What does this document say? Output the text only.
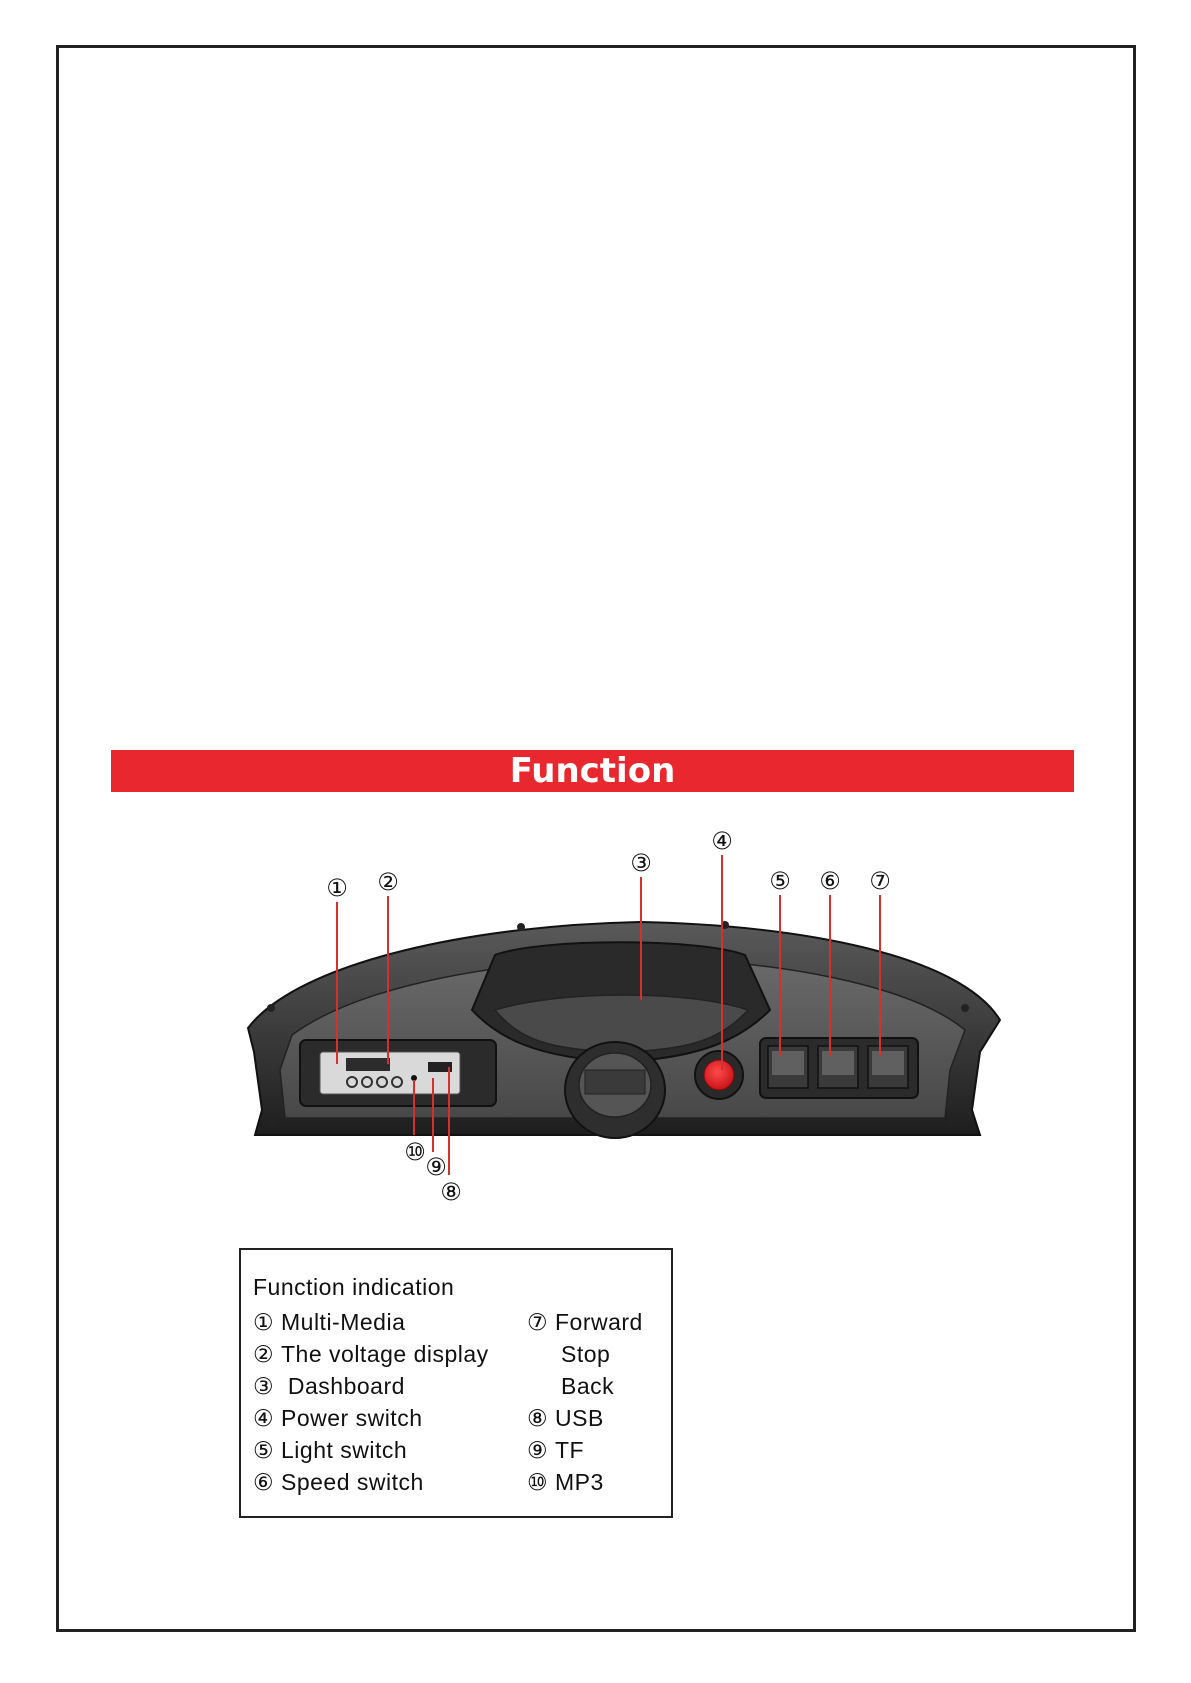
Function
① ②
③
④
⑤ ⑥ ⑦
⑧
⑨
⑩
Function indication
① Multi-Media
② The voltage display
③ Dashboard
④ Power switch
⑤ Light switch
⑥ Speed switch
⑦ Forward
Stop
Back
⑧ USB
⑨ TF
⑩ MP3
